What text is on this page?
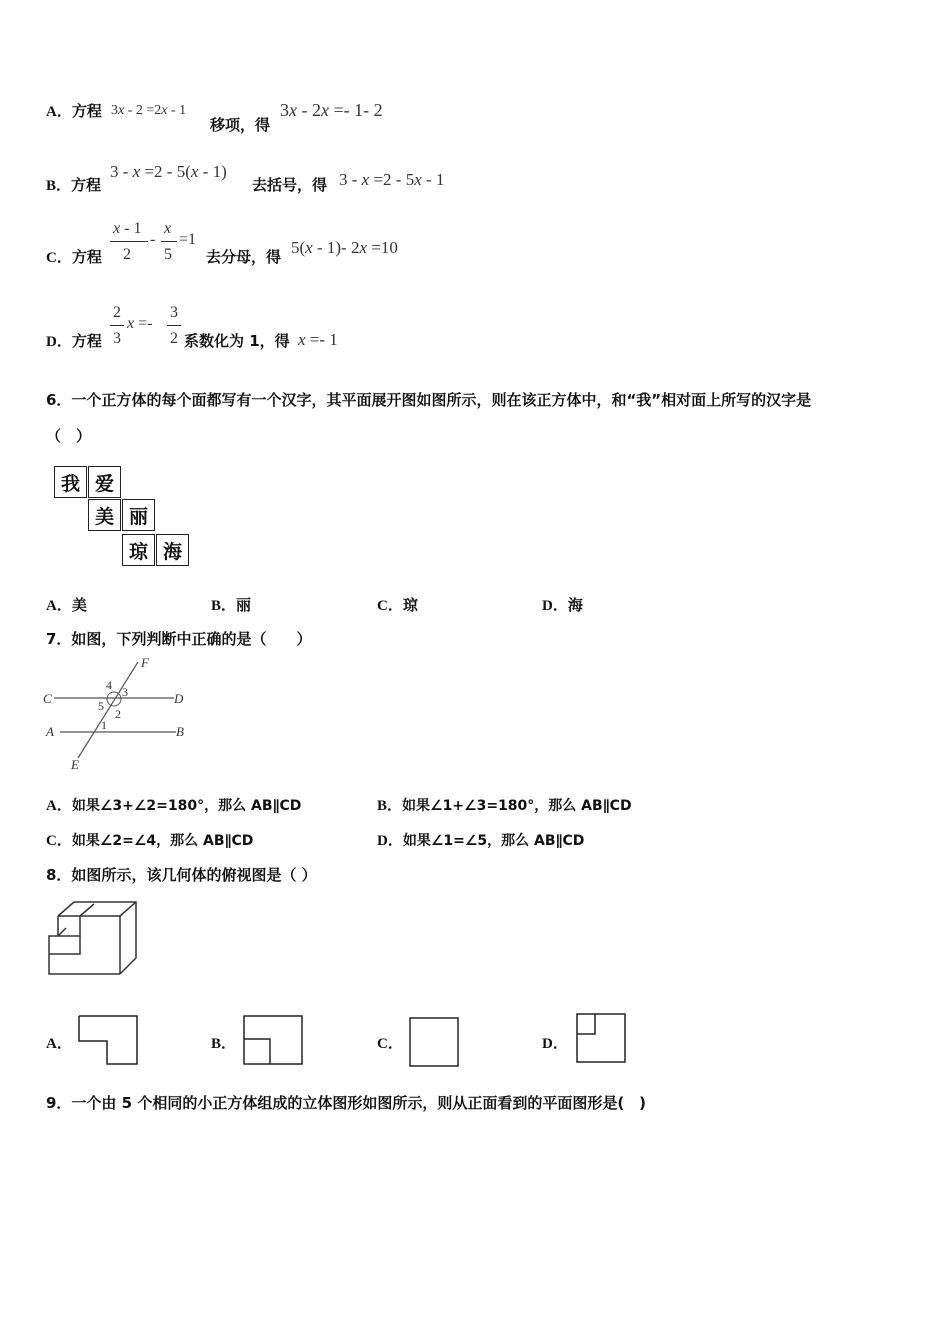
A．方程 3x - 2 =2x - 1
移项，得
3x - 2x =- 1- 2
B．方程
3 - x =2 - 5(x - 1)
去括号，得 3 - x =2 - 5x - 1
C．方程
x - 1
2
-
x
5
=1
去分母，得 5(x - 1)- 2x =10
D．方程
2
3
x =-
3
2 系数化为 1，得 x =- 1
6．一个正方体的每个面都写有一个汉字，其平面展开图如图所示，则在该正方体中，和“我”相对面上所写的汉字是
（　）
我 爱
美 丽
琼 海
A．美	B．丽	C．琼	D．海
7．如图，下列判断中正确的是（　　）
F
C	D
A	B
E
4 3
5
2
1
A．如果∠3+∠2=180°，那么 AB∥CD	B．如果∠1+∠3=180°，那么 AB∥CD
C．如果∠2=∠4，那么 AB∥CD	D．如果∠1=∠5，那么 AB∥CD
8．如图所示，该几何体的俯视图是（ ）
A．	B．	C．	D．
9．一个由 5 个相同的小正方体组成的立体图形如图所示，则从正面看到的平面图形是(　)
